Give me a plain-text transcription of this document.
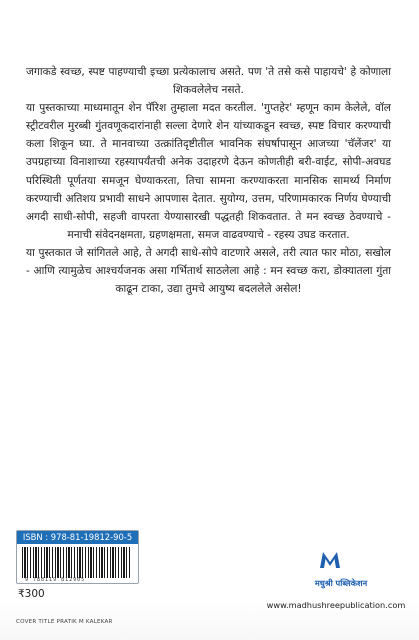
जगाकडे स्वच्छ, स्पष्ट पाहण्याची इच्छा प्रत्येकालाच असते. पण 'ते तसे कसे पाहायचे' हे कोणाला शिकवलेलेच नसते.

या पुस्तकाच्या माध्यमातून शेन पॅरिश तुम्हाला मदत करतील. 'गुप्तहेर' म्हणून काम केलेले, वॉल स्ट्रीटवरील मुरब्बी गुंतवणूकदारांनाही सल्ला देणारे शेन यांच्याकडून स्वच्छ, स्पष्ट विचार करण्याची कला शिकून घ्या. ते मानवाच्या उत्क्रांतिदृष्टीतील भावनिक संघर्षापासून आजच्या 'चॅलेंजर' या उपग्रहाच्या विनाशाच्या रहस्यापर्यंतची अनेक उदाहरणे देऊन कोणतीही बरी-वाईट, सोपी-अवघड परिस्थिती पूर्णतया समजून घेण्याकरता, तिचा सामना करण्याकरता मानसिक सामर्थ्य निर्माण करण्याची अतिशय प्रभावी साधने आपणास देतात. सुयोग्य, उत्तम, परिणामकारक निर्णय घेण्याची अगदी साधी-सोपी, सहजी वापरता येण्यासारखी पद्धतही शिकवतात. ते मन स्वच्छ ठेवण्याचे - मनाची संवेदनक्षमता, ग्रहणक्षमता, समज वाढवण्याचे - रहस्य उघड करतात.

या पुस्तकात जे सांगितले आहे, ते अगदी साधे-सोपे वाटणारे असले, तरी त्यात फार मोठा, सखोल - आणि त्यामुळेच आश्चर्यजनक असा गर्भितार्थ साठलेला आहे : मन स्वच्छ करा, डोक्यातला गुंता काढून टाका, उद्या तुमचे आयुष्य बदललेले असेल!

ISBN : 978-81-19812-90-5
9 788119 812905
₹300
COVER TITLE PRATIK M KALEKAR
मधुश्री पब्लिकेशन
www.madhushreepublication.com
